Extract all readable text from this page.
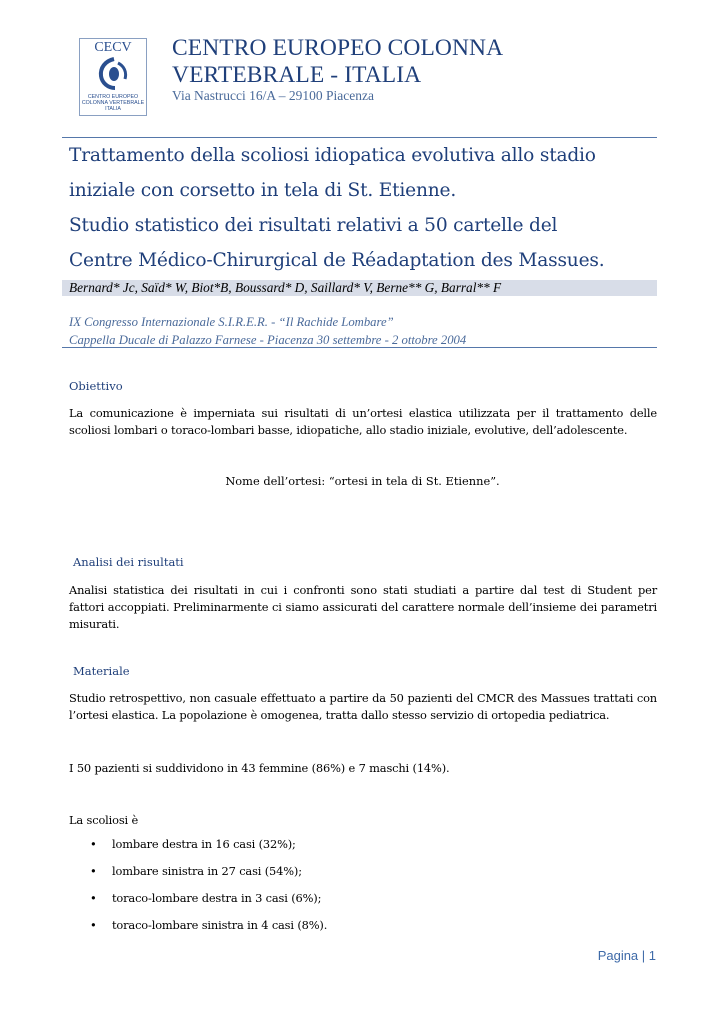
CECV
CENTRO EUROPEO
COLONNA VERTEBRALE
ITALIA
CENTRO EUROPEO COLONNA
VERTEBRALE - ITALIA

Via Nastrucci 16/A – 29100 Piacenza

Trattamento della scoliosi idiopatica evolutiva allo stadio
iniziale con corsetto in tela di St. Etienne.
Studio statistico dei risultati relativi a 50 cartelle del
Centre Médico-Chirurgical de Réadaptation des Massues.
Bernard* Jc, Saïd* W, Biot*B, Boussard* D, Saillard* V, Berne** G, Barral** F
IX Congresso Internazionale S.I.R.E.R. - “Il Rachide Lombare”
Cappella Ducale di Palazzo Farnese - Piacenza 30 settembre - 2 ottobre 2004
Obiettivo
La comunicazione è imperniata sui risultati di un’ortesi elastica utilizzata per il trattamento delle
scoliosi lombari o toraco-lombari basse, idiopatiche, allo stadio iniziale, evolutive, dell’adolescente.

Nome dell’ortesi: “ortesi in tela di St. Etienne”.

Analisi dei risultati
Analisi statistica dei risultati in cui i confronti sono stati studiati a partire dal test di Student per
fattori accoppiati. Preliminarmente ci siamo assicurati del carattere normale dell’insieme dei parametri
misurati.
Materiale
Studio retrospettivo, non casuale effettuato a partire da 50 pazienti del CMCR des Massues trattati con
l’ortesi elastica. La popolazione è omogenea, tratta dallo stesso servizio di ortopedia pediatrica.
I 50 pazienti si suddividono in 43 femmine (86%) e 7 maschi (14%).
La scoliosi è
• lombare destra in 16 casi (32%);
• lombare sinistra in 27 casi (54%);
• toraco-lombare destra in 3 casi (6%);
• toraco-lombare sinistra in 4 casi (8%).
Pagina | 1
